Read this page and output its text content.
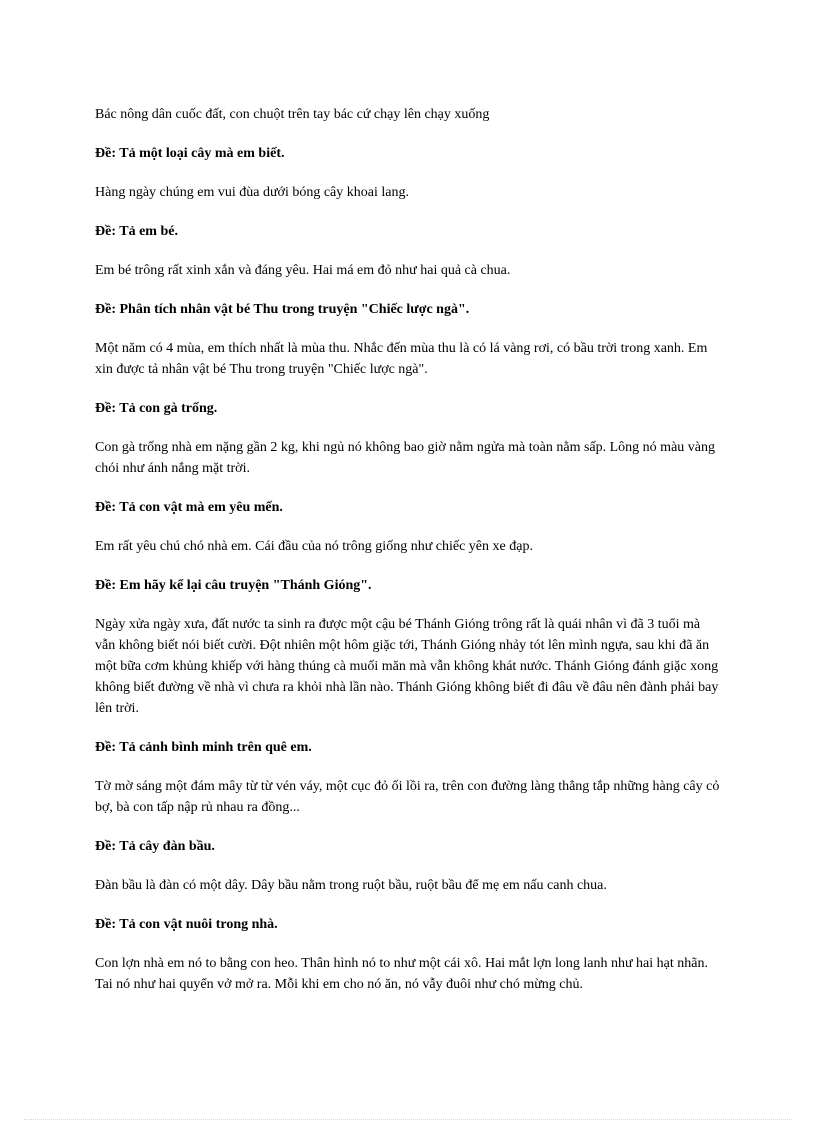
Bác nông dân cuốc đất, con chuột trên tay bác cứ chạy lên chạy xuống

Đề: Tả một loại cây mà em biết.

Hàng ngày chúng em vui đùa dưới bóng cây khoai lang.

Đề: Tả em bé.

Em bé trông rất xinh xắn và đáng yêu. Hai má em đỏ như hai quả cà chua.

Đề: Phân tích nhân vật bé Thu trong truyện "Chiếc lược ngà".

Một năm có 4 mùa, em thích nhất là mùa thu. Nhắc đến mùa thu là có lá vàng rơi, có bầu trời trong xanh. Em xin được tả nhân vật bé Thu trong truyện "Chiếc lược ngà".

Đề: Tả con gà trống.

Con gà trống nhà em nặng gần 2 kg, khi ngủ nó không bao giờ nằm ngửa mà toàn nằm sấp. Lông nó màu vàng chói như ánh nắng mặt trời.

Đề: Tả con vật mà em yêu mến.

Em rất yêu chú chó nhà em. Cái đầu của nó trông giống như chiếc yên xe đạp.

Đề: Em hãy kể lại câu truyện "Thánh Gióng".

Ngày xửa ngày xưa, đất nước ta sinh ra được một cậu bé Thánh Gióng trông rất là quái nhân vì đã 3 tuổi mà vẫn không biết nói biết cười. Đột nhiên một hôm giặc tới, Thánh Gióng nhảy tót lên mình ngựa, sau khi đã ăn một bữa cơm khủng khiếp với hàng thúng cà muối măn mà vẫn không khát nước. Thánh Gióng đánh giặc xong không biết đường về nhà vì chưa ra khỏi nhà lần nào. Thánh Gióng không biết đi đâu về đâu nên đành phải bay lên trời.

Đề: Tả cảnh bình minh trên quê em.

Tờ mờ sáng một đám mây từ từ vén váy, một cục đỏ ối lồi ra, trên con đường làng thẳng tắp những hàng cây cỏ bợ, bà con tấp nập rủ nhau ra đồng...

Đề: Tả cây đàn bầu.

Đàn bầu là đàn có một dây. Dây bầu nằm trong ruột bầu, ruột bầu để mẹ em nấu canh chua.

Đề: Tả con vật nuôi trong nhà.

Con lợn nhà em nó to bằng con heo. Thân hình nó to như một cái xô. Hai mắt lợn long lanh như hai hạt nhãn. Tai nó như hai quyển vở mở ra. Mỗi khi em cho nó ăn, nó vẫy đuôi như chó mừng chủ.
